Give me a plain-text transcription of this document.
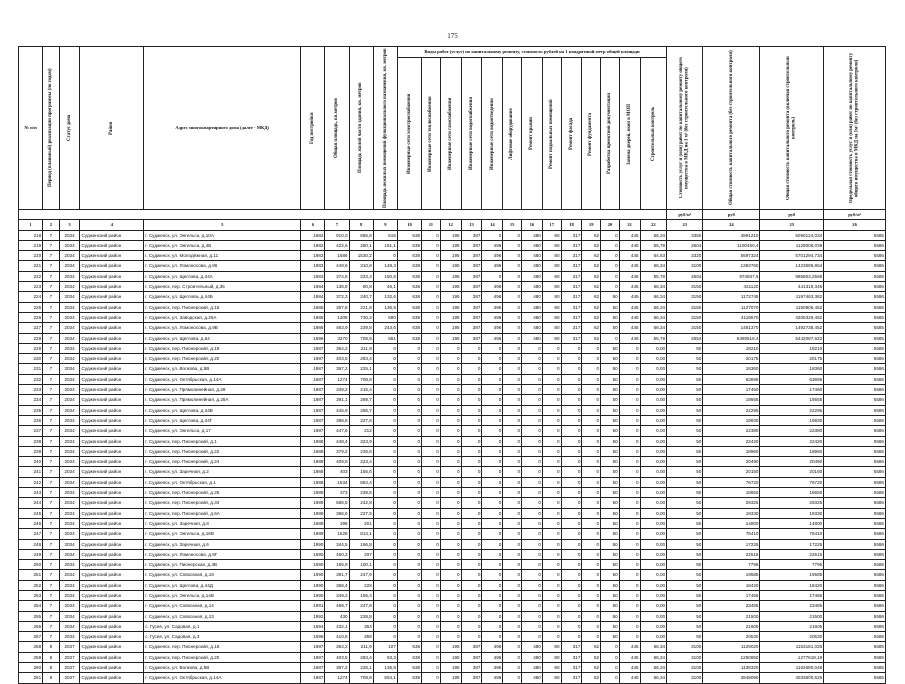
175
№ п/п	Период (плановый) реализации программы (по годам)	Статус дома	Район	Адрес многоквартирного дома (далее - МКД)	Год постройки	Общая площадь, кв.метров	Площадь жилой части здания, кв. метров	Площадь нежилых помещений функционального назначения, кв. метров	Виды работ (услуг) по капитальному ремонту, стоимость рублей на 1 квадратный метр общей площади													Стоимость услуг и (или) работ по капитальному ремонту общего имущества в МКД на 1 м² (без строительного контроля)	Общая стоимость капитального ремонта (без строительного контроля)	Общая стоимость капитального ремонта (включая строительный контроль)	Предельная стоимость услуг и (или) работ по капитальному ремонту общего имущества в МКД на 1м² (без строительного контроля)

									Инженерные сети электроснабжения	Инженерные сети теплоснабжения	Инженерные сети газоснабжения	Инженерные сети водоснабжения	Инженерные сети водоотведения	Лифтовое оборудование	Ремонт крыши	Ремонт подвальных помещений	Ремонт фасада	Ремонт фундамента	Разработка проектной документации	Замена дверей, окон в МОП	Строительный контроль				

																						руб/м²	руб	руб	руб/м²
1	2	3	4	5	6	7	8	9	10	11	12	13	14	15	16	17	18	19	20	21	22	23	24	25	26
218	7	2034	Судженский район	г. Судженск, ул. Энгельса, д.10А	1982	910,0	865,8	615	638	0	195	387	0	0	480	80	317	62	0	445	66,34	3350	4991210	5090124,034	5585
219	7	2034	Судженский район	г. Судженск, ул. Энгельса, д.4Б	1982	422,6	280,1	151,1	638	0	195	387	496	0	480	80	317	62	0	445	55,78	2604	1100450,4	1129006,039	5586
220	7	2034	Судженский район	г. Судженск, ул. Молодёжная, д.11	1983	1686	1530,2	0	638	0	195	387	496	0	480	80	317	62	0	445	64,63	3320	5597324	5701294,734	5586
221	7	2034	Судженский район	г. Судженск, ул. Ломоносова, д.86	1983	449,6	310,8	148,3	638	0	195	387	496	0	480	80	317	62	0	445	66,34	3100	1393760	1423586,864	5586
222	7	2034	Судженский район	г. Судженск, ул. Щеглова, д.44А	1983	374,6	223,4	150,5	638	0	195	387	0	0	480	80	317	62	0	445	55,78	2604	974937,6	995803,2568	5585
223	7	2034	Судженский район	г. Судженск, пер. Строительный, д.35	1984	136,8	90,8	46,1	638	0	195	387	496	0	480	80	317	62	0	445	66,34	3150	431120	441319,346	5586
224	7	2034	Судженский район	г. Судженск, ул. Щеглова, д.44Б	1984	372,3	240,7	132,6	638	0	195	387	496	0	480	80	317	62	50	445	66,34	3150	1172745	1197463,382	5586
225	7	2034	Судженский район	г. Судженск, пер. Пионерский, д.16	1985	357,8	221,8	136,5	638	0	195	387	496	0	480	80	317	62	50	445	66,34	3150	1127070	1150806,452	5586
226	7	2034	Судженский район	г. Судженск, ул. Заводская, д.25А	1986	1308	730,3	590	638	0	195	387	496	0	480	80	317	62	50	445	66,34	3150	4119570	4206329,452	5585
227	7	2034	Судженский район	г. Судженск, ул. Ломоносова, д.9В	1986	463,9	229,8	243,6	638	0	195	387	496	0	480	80	317	62	50	445	66,34	3150	1461370	1492738,452	5585
228	7	2034	Судженский район	г. Судженск, ул. Щеглова, д.64	1996	3270	708,5	561	638	0	195	387	496	0	480	80	317	62	0	445	55,78	2654	5369518,4	5442087,622	5585
229	7	2034	Судженский район	г. Судженск, пер. Пионерский, д.18	1987	364,2	211,9	0	0	0	0	0	0	0	0	0	0	0	50	0	0,00	50	18210	18210	5585
230	7	2034	Судженский район	г. Судженск, пер. Пионерский, д.20	1987	403,5	283,4	0	0	0	0	0	0	0	0	0	0	0	50	0	0,00	50	20175	20175	5586
231	7	2034	Судженский район	г. Судженск, ул. Волкова, д.5В	1987	367,2	225,1	0	0	0	0	0	0	0	0	0	0	0	50	0	0,00	50	18360	18360	5586
232	7	2034	Судженский район	г. Судженск, ул. Октябрьская, д.14А	1987	1274	709,8	0	0	0	0	0	0	0	0	0	0	0	50	0	0,00	50	63695	63695	5586
233	7	2034	Судженский район	г. Судженск, ул. Прямолинейная, д.28	1987	349,2	215,4	0	0	0	0	0	0	0	0	0	0	0	50	0	0,00	50	17460	17460	5586
234	7	2034	Судженский район	г. Судженск, ул. Прямолинейная, д.28А	1987	391,1	289,7	0	0	0	0	0	0	0	0	0	0	0	50	0	0,00	50	19555	19555	5586
235	7	2034	Судженский район	г. Судженск, ул. Щеглова, д.44В	1987	445,9	256,7	0	0	0	0	0	0	0	0	0	0	0	50	0	0,00	50	22295	22295	5586
236	7	2034	Судженский район	г. Судженск, ул. Щеглова, д.44Г	1987	398,6	227,6	0	0	0	0	0	0	0	0	0	0	0	50	0	0,00	50	19930	19930	5586
237	7	2034	Судженский район	г. Судженск, ул. Энгельса, д.17	1987	447,6	212	0	0	0	0	0	0	0	0	0	0	0	50	0	0,00	50	22380	22380	5586
238	7	2034	Судженский район	г. Судженск, пер. Пионерский, д.1	1988	448,4	323,9	0	0	0	0	0	0	0	0	0	0	0	50	0	0,00	50	22420	22420	5586
239	7	2034	Судженский район	г. Судженск, пер. Пионерский, д.22	1988	379,2	226,6	0	0	0	0	0	0	0	0	0	0	0	50	0	0,00	50	18960	18960	5586
240	7	2034	Судженский район	г. Судженск, пер. Пионерский, д.24	1988	409,8	223,4	0	0	0	0	0	0	0	0	0	0	0	50	0	0,00	50	20490	20490	5586
241	7	2034	Судженский район	г. Судженск, ул. Заречная, д.2	1988	403	155,6	0	0	0	0	0	0	0	0	0	0	0	50	0	0,00	50	20150	20150	5586
242	7	2034	Судженский район	г. Судженск, ул. Октябрьская, д.1	1988	1534	864,4	0	0	0	0	0	0	0	0	0	0	0	50	0	0,00	50	76720	76720	5586
243	7	2034	Судженский район	г. Судженск, пер. Пионерский, д.26	1989	373	239,5	0	0	0	0	0	0	0	0	0	0	0	50	0	0,00	50	18650	18650	5586
244	7	2034	Судженский район	г. Судженск, пер. Пионерский, д.34	1989	586,5	242,8	0	0	0	0	0	0	0	0	0	0	0	50	0	0,00	50	29325	29325	5586
245	7	2034	Судженский район	г. Судженск, пер. Пионерский, д.6А	1989	366,6	227,5	0	0	0	0	0	0	0	0	0	0	0	50	0	0,00	50	18330	18330	5586
246	7	2034	Судженский район	г. Судженск, ул. Заречная, д.8	1989	296	201	0	0	0	0	0	0	0	0	0	0	0	50	0	0,00	50	14800	14800	5586
247	7	2034	Судженский район	г. Судженск, ул. Энгельса, д.16В	1989	1528	814,1	0	0	0	0	0	0	0	0	0	0	0	50	0	0,00	50	76410	76410	5586
248	7	2034	Судженский район	г. Судженск, ул. Заречная, д.6	1990	344,5	196,8	0	0	0	0	0	0	0	0	0	0	0	50	0	0,00	50	17225	17225	5586
249	7	2034	Судженский район	г. Судженск, ул. Ломоносова, д.9Г	1990	450,3	207	0	0	0	0	0	0	0	0	0	0	0	50	0	0,00	50	22515	22515	5586
250	7	2034	Судженский район	г. Судженск, ул. Пионерская, д.3В	1990	155,9	100,1	0	0	0	0	0	0	0	0	0	0	0	50	0	0,00	50	7795	7795	5586
251	7	2034	Судженский район	г. Судженск, ул. Совхозная, д.19	1990	391,7	247,9	0	0	0	0	0	0	0	0	0	0	0	50	0	0,00	50	19585	19585	5586
252	7	2034	Судженский район	г. Судженск, ул. Щеглова, д.44Д	1990	368,4	228	0	0	0	0	0	0	0	0	0	0	0	50	0	0,00	50	18420	18420	5586
253	7	2034	Судженский район	г. Судженск, ул. Энгельса, д.14В	1990	349,3	165,4	0	0	0	0	0	0	0	0	0	0	0	50	0	0,00	50	17465	17465	5586
254	7	2034	Судженский район	г. Судженск, ул. Совхозная, д.14	1991	469,7	247,8	0	0	0	0	0	0	0	0	0	0	0	50	0	0,00	50	23485	23485	5586
255	7	2034	Судженский район	г. Судженск, ул. Совхозная, д.13	1992	430	228,8	0	0	0	0	0	0	0	0	0	0	0	50	0	0,00	50	21500	21500	5586
256	7	2034	Судженский район	с. Гусев, ул. Садовая, д.1	1994	432,1	364	0	0	0	0	0	0	0	0	0	0	0	50	0	0,00	50	21605	21605	5586
257	7	2034	Судженский район	с. Гусев, ул. Садовая, д.3	1996	410,6	358	0	0	0	0	0	0	0	0	0	0	0	50	0	0,00	50	20530	20530	5586
258	8	2037	Судженский район	г. Судженск, пер. Пионерский, д.18	1987	364,2	211,9	107	638	0	195	387	496	0	480	80	317	62	0	445	66,34	3100	1129020	1153181,028	5585
259	8	2037	Судженский район	г. Судженск, пер. Пионерский, д.20	1987	403,5	283,4	83,3	638	0	195	387	496	0	480	80	317	62	0	445	66,34	3100	1250850	1277618,19	5585
260	8	2037	Судженский район	г. Судженск, ул. Волкова, д.5В	1987	367,2	225,1	135,8	638	0	195	387	496	0	480	80	317	62	0	445	66,34	3100	1138320	1162680,048	5585
261	8	2037	Судженский район	г. Судженск, ул. Октябрьская, д.14А	1987	1274	709,8	554,1	638	0	195	387	496	0	480	80	317	62	0	445	66,34	3100	3949090	4033600,526	5585
